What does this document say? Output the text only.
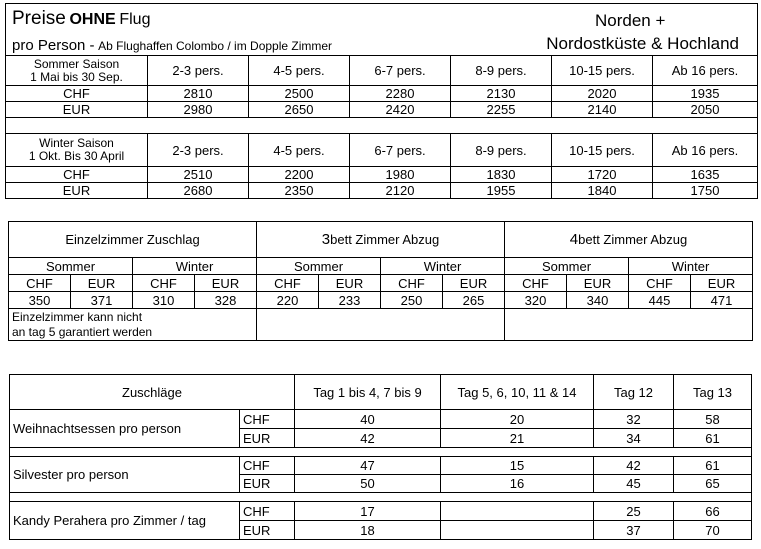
Preise OHNE Flug
pro Person - Ab Flughaffen Colombo / im Dopple Zimmer
Norden +
Nordostküste & Hochland						

Sommer Saison
1 Mai bis 30 Sep.	2-3 pers.	4-5 pers.	6-7 pers.	8-9 pers.	10-15 pers.	Ab 16 pers.
CHF	2810	2500	2280	2130	2020	1935
EUR	2980	2650	2420	2255	2140	2050

Winter Saison
1 Okt. Bis 30 April	2-3 pers.	4-5 pers.	6-7 pers.	8-9 pers.	10-15 pers.	Ab 16 pers.
CHF	2510	2200	1980	1830	1720	1635
EUR	2680	2350	2120	1955	1840	1750
Einzelzimmer Zuschlag				3bett Zimmer Abzug				4bett Zimmer Abzug			
Sommer		Winter		Sommer		Winter		Sommer		Winter	
CHF	EUR	CHF	EUR	CHF	EUR	CHF	EUR	CHF	EUR	CHF	EUR
350	371	310	328	220	233	250	265	320	340	445	471

Einzelzimmer kann nicht
an tag 5 garantiert werden											

Zuschläge		Tag 1 bis 4, 7 bis 9	Tag 5, 6, 10, 11 & 14	Tag 12	Tag 13
Weihnachtsessen pro person	CHF	40	20	32	58
	EUR	42	21	34	61

Silvester pro person	CHF	47	15	42	61
	EUR	50	16	45	65

Kandy Perahera pro Zimmer / tag	CHF	17		25	66
	EUR	18		37	70
